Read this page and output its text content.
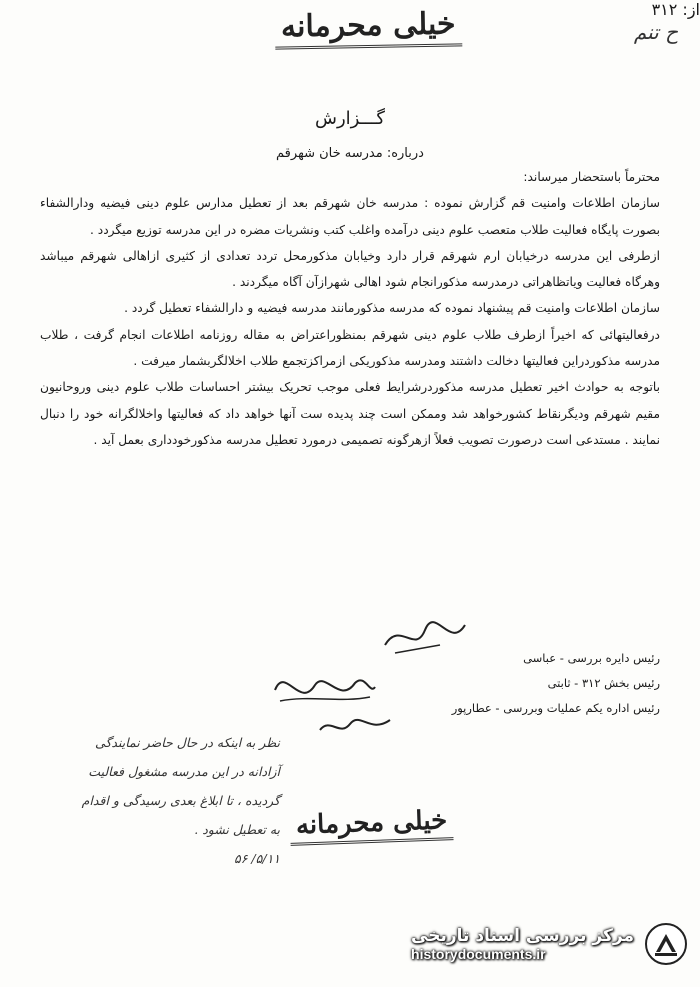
خیلی محرمانه	ح تنم
از: ۳۱۲
گـــزارش
درباره: مدرسه خان شهرقم

محترماً باستحضار میرساند:

سازمان اطلاعات وامنیت قم گزارش نموده : مدرسه خان شهرقم بعد از تعطیل مدارس علوم دینی فیضیه ودارالشفاء بصورت پایگاه فعالیت طلاب متعصب علوم دینی درآمده واغلب کتب ونشریات مضره در این مدرسه توزیع میگردد .

ازطرفی این مدرسه درخیابان ارم شهرقم قرار دارد وخیابان مذکورمحل تردد تعدادی از کثیری ازاهالی شهرقم میباشد وهرگاه فعالیت ویاتظاهراتی درمدرسه مذکورانجام شود اهالی شهرازآن آگاه میگردند .

سازمان اطلاعات وامنیت قم پیشنهاد نموده که مدرسه مذکورمانند مدرسه فیضیه و دارالشفاء تعطیل گردد .

درفعالیتهائی که اخیراً ازطرف طلاب علوم دینی شهرقم بمنظوراعتراض به مقاله روزنامه اطلاعات انجام گرفت ، طلاب مدرسه مذکوردراین فعالیتها دخالت داشتند ومدرسه مذکوریکی ازمراکزتجمع طلاب اخلالگربشمار میرفت .

باتوجه به حوادث اخیر تعطیل مدرسه مذکوردرشرایط فعلی موجب تحریک بیشتر احساسات طلاب علوم دینی وروحانیون مقیم شهرقم ودیگرنقاط کشورخواهد شد وممکن است چند پدیده ست آنها خواهد داد که فعالیتها واخلالگرانه خود را دنبال نمایند . مستدعی است درصورت تصویب فعلاً ازهرگونه تصمیمی درمورد تعطیل مدرسه مذکورخودداری بعمل آید .

رئیس دایره بررسی - عباسی
رئیس بخش ۳۱۲ - ثابتی
رئیس اداره یکم عملیات وبررسی - عطارپور
نظر به اینکه در حال حاضر نمایندگی
آزادانه در این مدرسه مشغول فعالیت
گردیده ، تا ابلاغ بعدی رسیدگی و اقدام
به تعطیل نشود .
۵/۱۱/ ۵۶
خیلی محرمانه
مرکز بررسی اسناد تاریخی
historydocuments.ir
